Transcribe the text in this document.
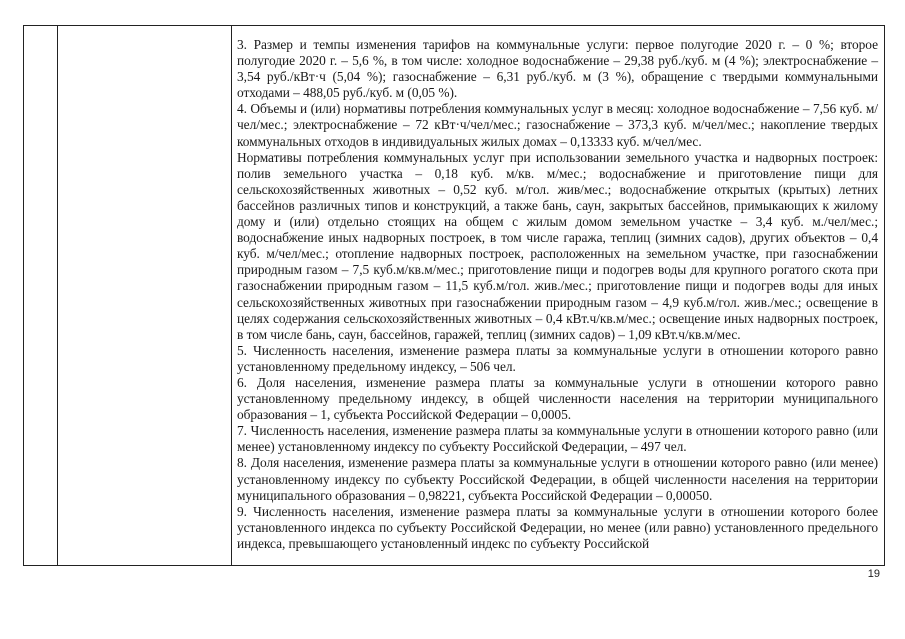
3. Размер и темпы изменения тарифов на коммунальные услуги: первое полугодие 2020 г. – 0 %; второе полугодие 2020 г. – 5,6 %, в том числе: холодное водоснабжение – 29,38 руб./куб. м (4 %); электроснабжение – 3,54 руб./кВт·ч (5,04 %); газоснабжение – 6,31 руб./куб. м (3 %), обращение с твердыми коммунальными отходами – 488,05 руб./куб. м (0,05 %).

4. Объемы и (или) нормативы потребления коммунальных услуг в месяц: холодное водоснабжение – 7,56 куб. м/чел/мес.; электроснабжение – 72 кВт·ч/чел/мес.; газоснабжение – 373,3 куб. м/чел/мес.; накопление твердых коммунальных отходов в индивидуальных жилых домах – 0,13333 куб. м/чел/мес.

Нормативы потребления коммунальных услуг при использовании земельного участка и надворных построек: полив земельного участка – 0,18 куб. м/кв. м/мес.; водоснабжение и приготовление пищи для сельскохозяйственных животных – 0,52 куб. м/гол. жив/мес.; водоснабжение открытых (крытых) летних бассейнов различных типов и конструкций, а также бань, саун, закрытых бассейнов, примыкающих к жилому дому и (или) отдельно стоящих на общем с жилым домом земельном участке – 3,4 куб. м./чел/мес.; водоснабжение иных надворных построек, в том числе гаража, теплиц (зимних садов), других объектов – 0,4 куб. м/чел/мес.; отопление надворных построек, расположенных на земельном участке, при газоснабжении природным газом – 7,5 куб.м/кв.м/мес.; приготовление пищи и подогрев воды для крупного рогатого скота при газоснабжении природным газом – 11,5 куб.м/гол. жив./мес.; приготовление пищи и подогрев воды для иных сельскохозяйственных животных при газоснабжении природным газом – 4,9 куб.м/гол. жив./мес.; освещение в целях содержания сельскохозяйственных животных – 0,4 кВт.ч/кв.м/мес.; освещение иных надворных построек, в том числе бань, саун, бассейнов, гаражей, теплиц (зимних садов) – 1,09 кВт.ч/кв.м/мес.

5. Численность населения, изменение размера платы за коммунальные услуги в отношении которого равно установленному предельному индексу, – 506 чел.

6. Доля населения, изменение размера платы за коммунальные услуги в отношении которого равно установленному предельному индексу, в общей численности населения на территории муниципального образования – 1, субъекта Российской Федерации – 0,0005.

7. Численность населения, изменение размера платы за коммунальные услуги в отношении которого равно (или менее) установленному индексу по субъекту Российской Федерации, – 497 чел.

8. Доля населения, изменение размера платы за коммунальные услуги в отношении которого равно (или менее) установленному индексу по субъекту Российской Федерации, в общей численности населения на территории муниципального образования – 0,98221, субъекта Российской Федерации – 0,00050.

9. Численность населения, изменение размера платы за коммунальные услуги в отношении которого более установленного индекса по субъекту Российской Федерации, но менее (или равно) установленного предельного индекса, превышающего установленный индекс по субъекту Российской

19
